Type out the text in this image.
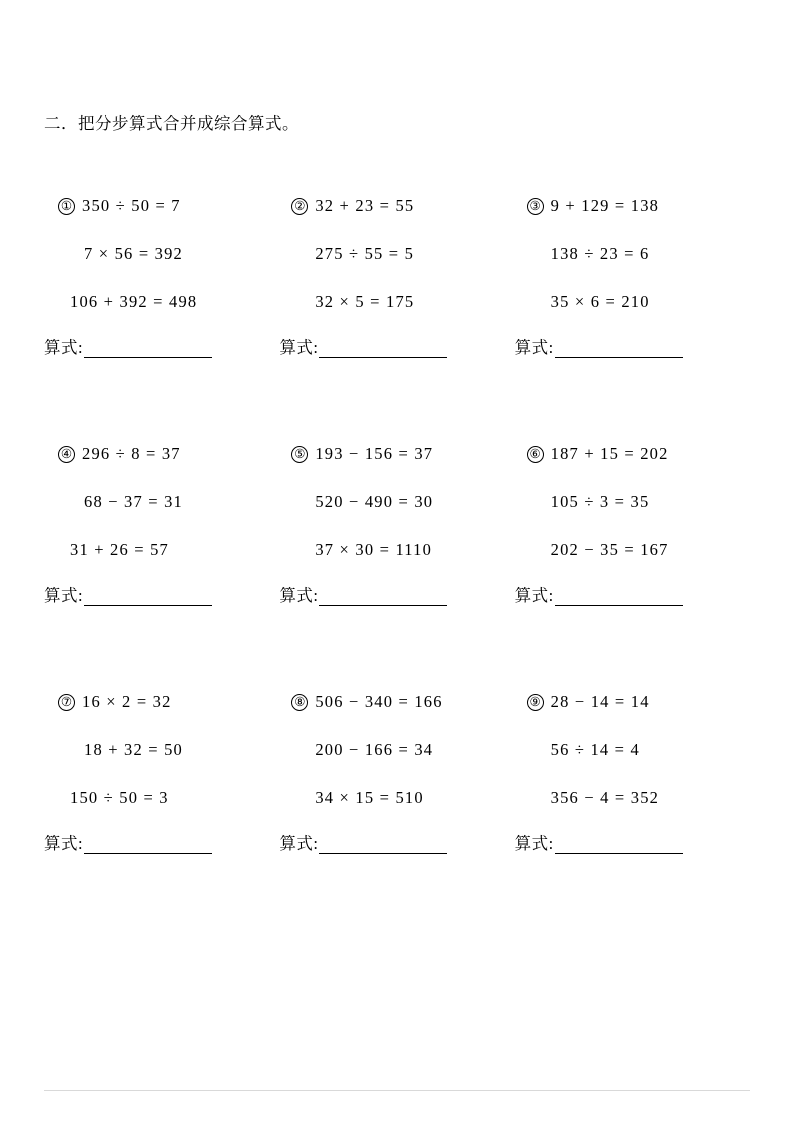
二．把分步算式合并成综合算式。
① 350 ÷ 50 = 7
7 × 56 = 392
106 + 392 = 498
算式:
② 32 + 23 = 55
275 ÷ 55 = 5
32 × 5 = 175
算式:
③ 9 + 129 = 138
138 ÷ 23 = 6
35 × 6 = 210
算式:
④ 296 ÷ 8 = 37
68 − 37 = 31
31 + 26 = 57
算式:
⑤ 193 − 156 = 37
520 − 490 = 30
37 × 30 = 1110
算式:
⑥ 187 + 15 = 202
105 ÷ 3 = 35
202 − 35 = 167
算式:
⑦ 16 × 2 = 32
18 + 32 = 50
150 ÷ 50 = 3
算式:
⑧ 506 − 340 = 166
200 − 166 = 34
34 × 15 = 510
算式:
⑨ 28 − 14 = 14
56 ÷ 14 = 4
356 − 4 = 352
算式:
